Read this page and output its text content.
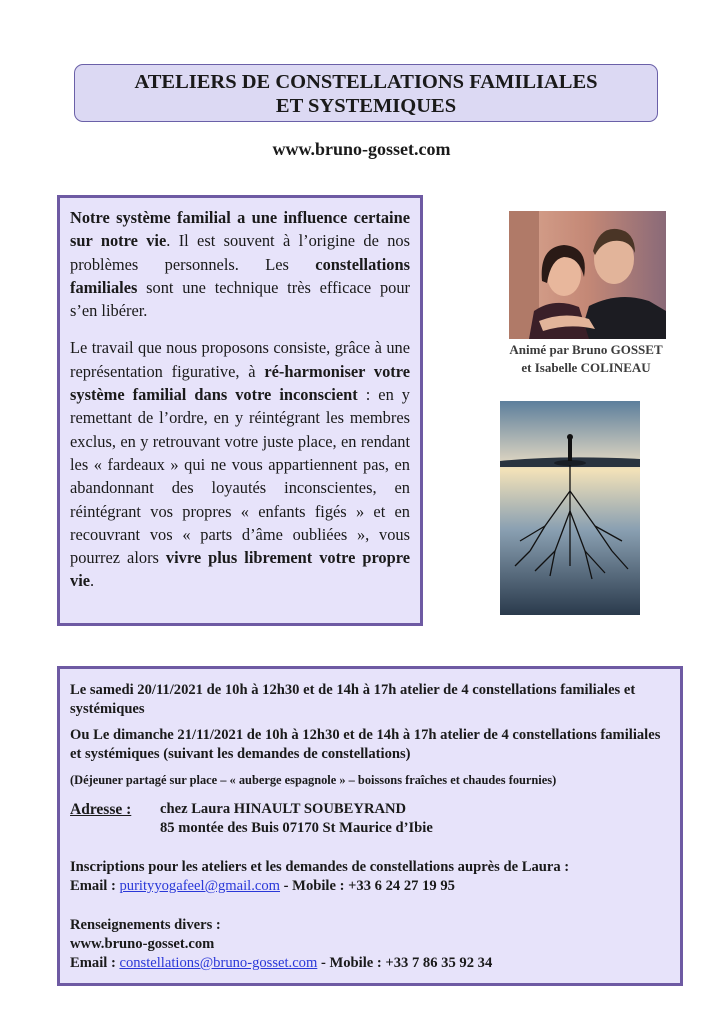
ATELIERS DE CONSTELLATIONS FAMILIALES
ET SYSTEMIQUES
www.bruno-gosset.com

Notre système familial a une influence certaine sur notre vie. Il est souvent à l’origine de nos problèmes personnels. Les constellations familiales sont une technique très efficace pour s’en libérer.

Le travail que nous proposons consiste, grâce à une représentation figurative, à ré-harmoniser votre système familial dans votre inconscient : en y remettant de l’ordre, en y réintégrant les membres exclus, en y retrouvant votre juste place, en rendant les « fardeaux » qui ne vous appartiennent pas, en abandonnant des loyautés inconscientes, en réintégrant vos propres « enfants figés » et en recouvrant vos « parts d’âme oubliées », vous pourrez alors vivre plus librement votre propre vie.

Animé par Bruno GOSSET
et Isabelle COLINEAU
Le samedi 20/11/2021 de 10h à 12h30 et de 14h à 17h atelier de 4 constellations familiales et systémiques
Ou Le dimanche 21/11/2021 de 10h à 12h30 et de 14h à 17h atelier de 4 constellations familiales et systémiques (suivant les demandes de constellations)
(Déjeuner partagé sur place – « auberge espagnole » – boissons fraîches et chaudes fournies)
Adresse :	chez Laura HINAULT SOUBEYRAND
85 montée des Buis 07170 St Maurice d’Ibie
Inscriptions pour les ateliers et les demandes de constellations auprès de Laura :
Email : purityyogafeel@gmail.com - Mobile : +33 6 24 27 19 95
Renseignements divers :
www.bruno-gosset.com
Email : constellations@bruno-gosset.com - Mobile : +33 7 86 35 92 34
